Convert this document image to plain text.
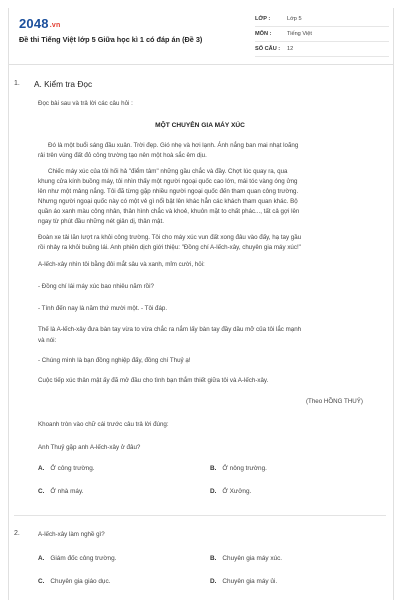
2048.vn
Đề thi Tiếng Việt lớp 5 Giữa học kì 1 có đáp án (Đề 3)
LỚP :	Lớp 5
MÔN :	Tiếng Việt
SỐ CÂU :	12
1. A. Kiểm tra Đọc
Đọc bài sau và trả lời các câu hỏi :
MỘT CHUYÊN GIA MÁY XÚC
Đó là một buổi sáng đầu xuân. Trời đẹp. Gió nhẹ và hơi lạnh. Ánh nắng ban mai nhạt loãng
rải trên vùng đất đỏ công trường tạo nên một hoà sắc êm dịu.
Chiếc máy xúc của tôi hối hả "điểm tâm" những gầu chắc và đầy. Chợt lúc quay ra, qua
khung cửa kính buồng máy, tôi nhìn thấy một người ngoại quốc cao lớn, mái tóc vàng óng ửng
lên như một mảng nắng. Tôi đã từng gặp nhiều người ngoại quốc đến tham quan công trường.
Nhưng người ngoại quốc này có một vẻ gì nổi bật lên khác hẳn các khách tham quan khác. Bộ
quần áo xanh màu công nhân, thân hình chắc và khoẻ, khuôn mặt to chất phác..., tất cả gợi lên
ngay từ phút đầu những nét giản dị, thân mật.
Đoàn xe tải lăn lượt ra khỏi công trường. Tôi cho máy xúc vun đất xong đâu vào đấy, hạ tay gầu
rồi nhảy ra khỏi buồng lái. Anh phiên dịch giới thiệu: "Đồng chí A-lếch-xây, chuyên gia máy xúc!"
A-lếch-xây nhìn tôi bằng đôi mắt sâu và xanh, mỉm cười, hỏi:
- Đồng chí lái máy xúc bao nhiêu năm rồi?
- Tính đến nay là năm thứ mười một. - Tôi đáp.
Thế là A-lếch-xây đưa bàn tay vừa to vừa chắc ra nắm lấy bàn tay đầy dầu mỡ của tôi lắc mạnh
và nói:
- Chúng mình là bạn đồng nghiệp đấy, đồng chí Thuỷ ạ!
Cuộc tiếp xúc thân mật ấy đã mở đầu cho tình bạn thắm thiết giữa tôi và A-lếch-xây.
(Theo HỒNG THUỶ)
Khoanh tròn vào chữ cái trước câu trả lời đúng:
Anh Thuỷ gặp anh A-lếch-xây ở đâu?
A. Ở công trường.	B. Ở nông trường.
C. Ở nhà máy.	D. Ở Xưởng.
2.	A-lếch-xây làm nghề gì?
A. Giám đốc công trường.	B. Chuyên gia máy xúc.
C. Chuyên gia giáo dục.	D. Chuyên gia máy ủi.
